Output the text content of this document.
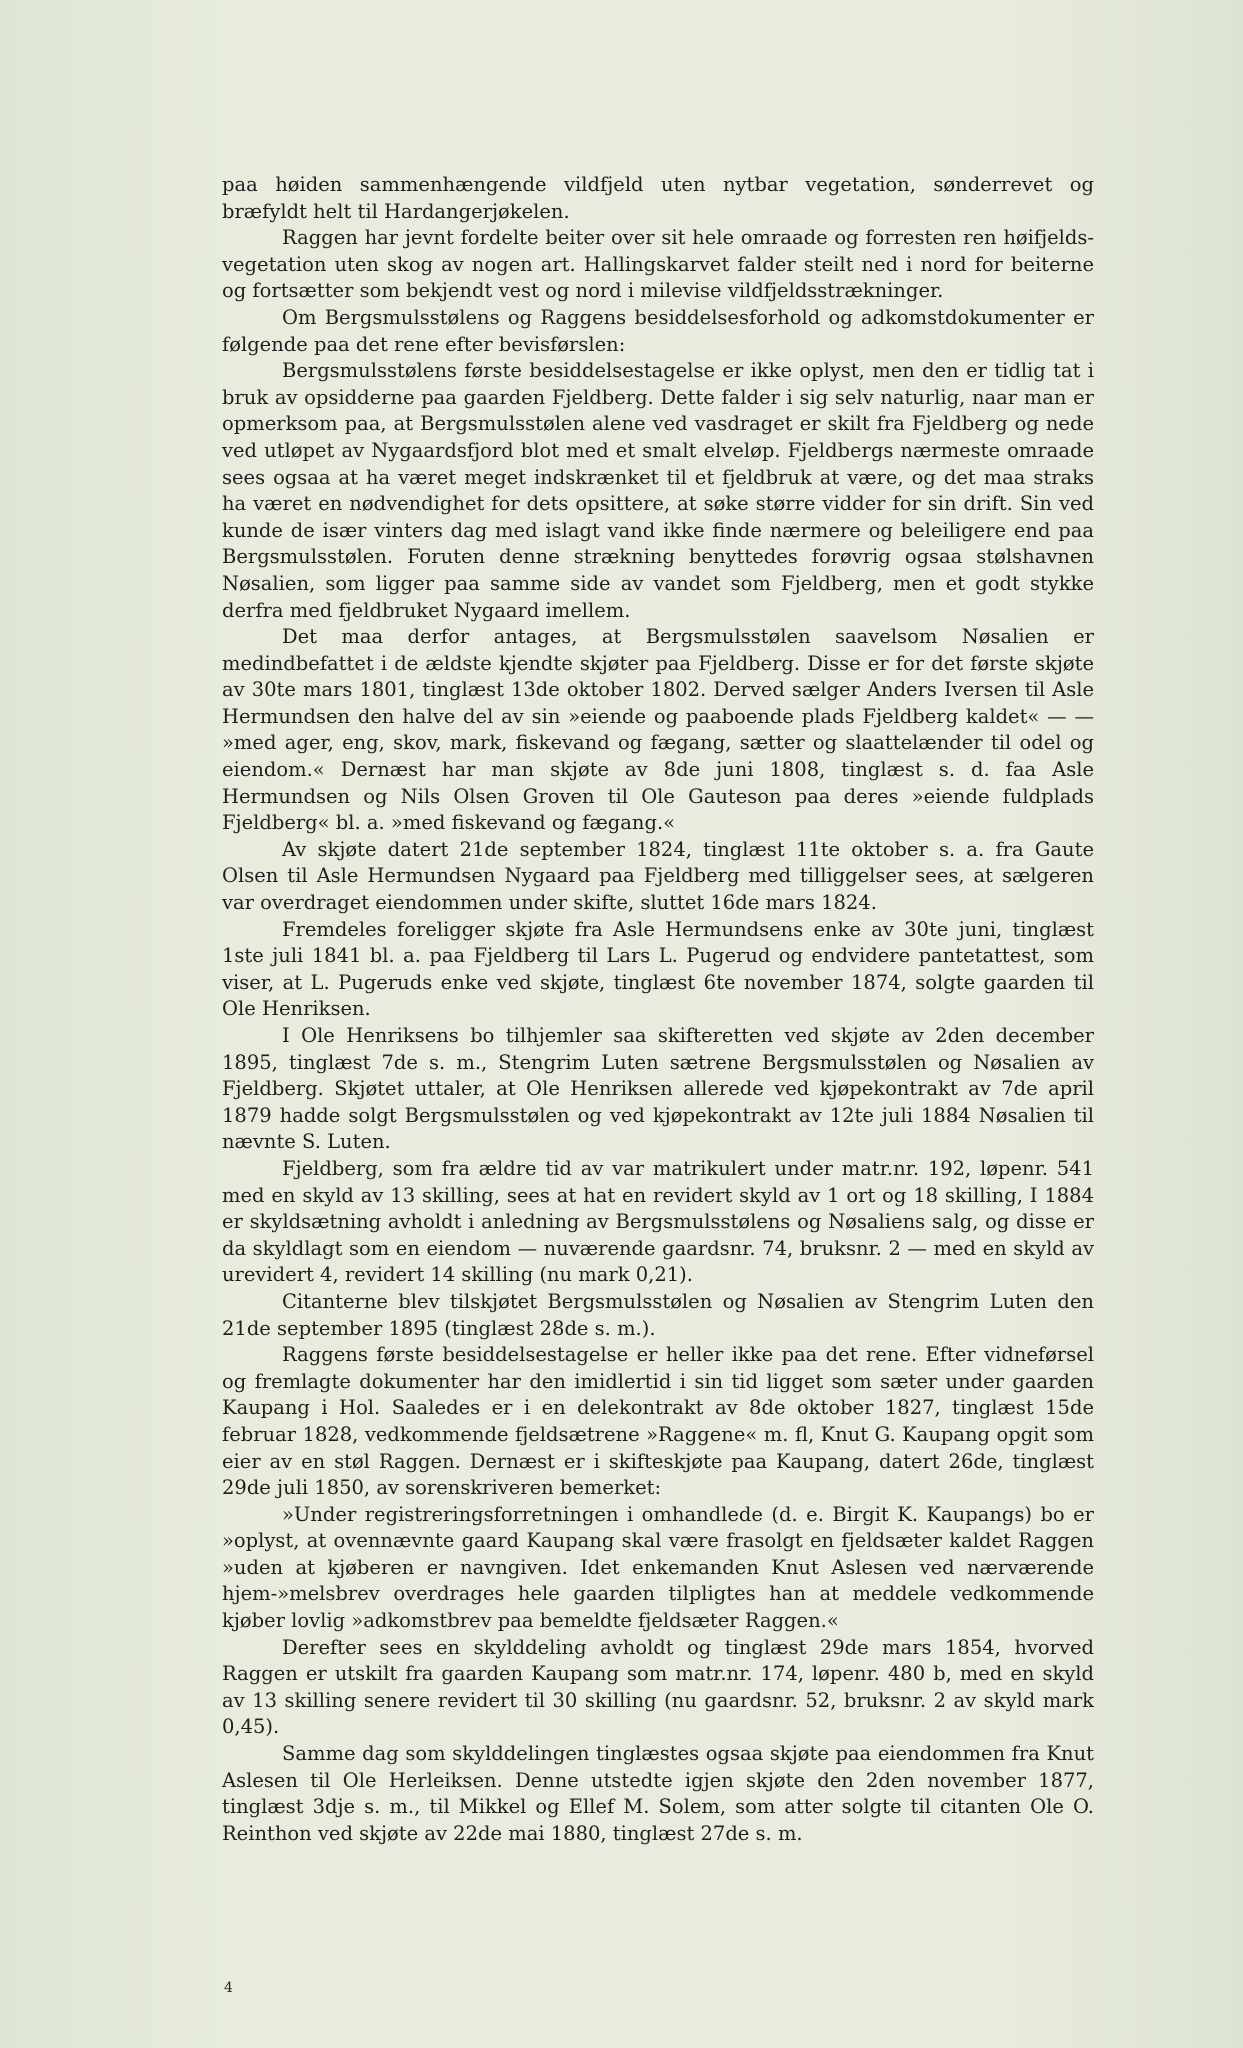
paa høiden sammenhængende vildfjeld uten nytbar vegetation, sønderrevet og bræfyldt helt til Hardangerjøkelen.

Raggen har jevnt fordelte beiter over sit hele omraade og forresten ren høifjelds-vegetation uten skog av nogen art. Hallingskarvet falder steilt ned i nord for beiterne og fortsætter som bekjendt vest og nord i milevise vildfjeldsstrækninger.

Om Bergsmulsstølens og Raggens besiddelsesforhold og adkomstdokumenter er følgende paa det rene efter bevisførslen:

Bergsmulsstølens første besiddelsestagelse er ikke oplyst, men den er tidlig tat i bruk av opsidderne paa gaarden Fjeldberg. Dette falder i sig selv naturlig, naar man er opmerksom paa, at Bergsmulsstølen alene ved vasdraget er skilt fra Fjeldberg og nede ved utløpet av Nygaardsfjord blot med et smalt elveløp. Fjeldbergs nærmeste omraade sees ogsaa at ha været meget indskrænket til et fjeldbruk at være, og det maa straks ha været en nødvendighet for dets opsittere, at søke større vidder for sin drift. Sin ved kunde de især vinters dag med islagt vand ikke finde nærmere og beleiligere end paa Bergsmulsstølen. Foruten denne strækning benyttedes forøvrig ogsaa stølshavnen Nøsalien, som ligger paa samme side av vandet som Fjeldberg, men et godt stykke derfra med fjeldbruket Nygaard imellem.

Det maa derfor antages, at Bergsmulsstølen saavelsom Nøsalien er medindbefattet i de ældste kjendte skjøter paa Fjeldberg. Disse er for det første skjøte av 30te mars 1801, tinglæst 13de oktober 1802. Derved sælger Anders Iversen til Asle Hermundsen den halve del av sin »eiende og paaboende plads Fjeldberg kaldet« — — »med ager, eng, skov, mark, fiskevand og fægang, sætter og slaattelænder til odel og eiendom.« Dernæst har man skjøte av 8de juni 1808, tinglæst s. d. faa Asle Hermundsen og Nils Olsen Groven til Ole Gauteson paa deres »eiende fuldplads Fjeldberg« bl. a. »med fiskevand og fægang.«

Av skjøte datert 21de september 1824, tinglæst 11te oktober s. a. fra Gaute Olsen til Asle Hermundsen Nygaard paa Fjeldberg med tilliggelser sees, at sælgeren var overdraget eiendommen under skifte, sluttet 16de mars 1824.

Fremdeles foreligger skjøte fra Asle Hermundsens enke av 30te juni, tinglæst 1ste juli 1841 bl. a. paa Fjeldberg til Lars L. Pugerud og endvidere pantetattest, som viser, at L. Pugeruds enke ved skjøte, tinglæst 6te november 1874, solgte gaarden til Ole Henriksen.

I Ole Henriksens bo tilhjemler saa skifteretten ved skjøte av 2den december 1895, tinglæst 7de s. m., Stengrim Luten sætrene Bergsmulsstølen og Nøsalien av Fjeldberg. Skjøtet uttaler, at Ole Henriksen allerede ved kjøpekontrakt av 7de april 1879 hadde solgt Bergsmulsstølen og ved kjøpekontrakt av 12te juli 1884 Nøsalien til nævnte S. Luten.

Fjeldberg, som fra ældre tid av var matrikulert under matr.nr. 192, løpenr. 541 med en skyld av 13 skilling, sees at hat en revidert skyld av 1 ort og 18 skilling, I 1884 er skyldsætning avholdt i anledning av Bergsmulsstølens og Nøsaliens salg, og disse er da skyldlagt som en eiendom — nuværende gaardsnr. 74, bruksnr. 2 — med en skyld av urevidert 4, revidert 14 skilling (nu mark 0,21).

Citanterne blev tilskjøtet Bergsmulsstølen og Nøsalien av Stengrim Luten den 21de september 1895 (tinglæst 28de s. m.).

Raggens første besiddelsestagelse er heller ikke paa det rene. Efter vidneførsel og fremlagte dokumenter har den imidlertid i sin tid ligget som sæter under gaarden Kaupang i Hol. Saaledes er i en delekontrakt av 8de oktober 1827, tinglæst 15de februar 1828, vedkommende fjeldsætrene »Raggene« m. fl, Knut G. Kaupang opgit som eier av en støl Raggen. Dernæst er i skifteskjøte paa Kaupang, datert 26de, tinglæst 29de juli 1850, av sorenskriveren bemerket:

»Under registreringsforretningen i omhandlede (d. e. Birgit K. Kaupangs) bo er »oplyst, at ovennævnte gaard Kaupang skal være frasolgt en fjeldsæter kaldet Raggen »uden at kjøberen er navngiven. Idet enkemanden Knut Aslesen ved nærværende hjem-»melsbrev overdrages hele gaarden tilpligtes han at meddele vedkommende kjøber lovlig »adkomstbrev paa bemeldte fjeldsæter Raggen.«

Derefter sees en skylddeling avholdt og tinglæst 29de mars 1854, hvorved Raggen er utskilt fra gaarden Kaupang som matr.nr. 174, løpenr. 480 b, med en skyld av 13 skilling senere revidert til 30 skilling (nu gaardsnr. 52, bruksnr. 2 av skyld mark 0,45).

Samme dag som skylddelingen tinglæstes ogsaa skjøte paa eiendommen fra Knut Aslesen til Ole Herleiksen. Denne utstedte igjen skjøte den 2den november 1877, tinglæst 3dje s. m., til Mikkel og Ellef M. Solem, som atter solgte til citanten Ole O. Reinthon ved skjøte av 22de mai 1880, tinglæst 27de s. m.

4
